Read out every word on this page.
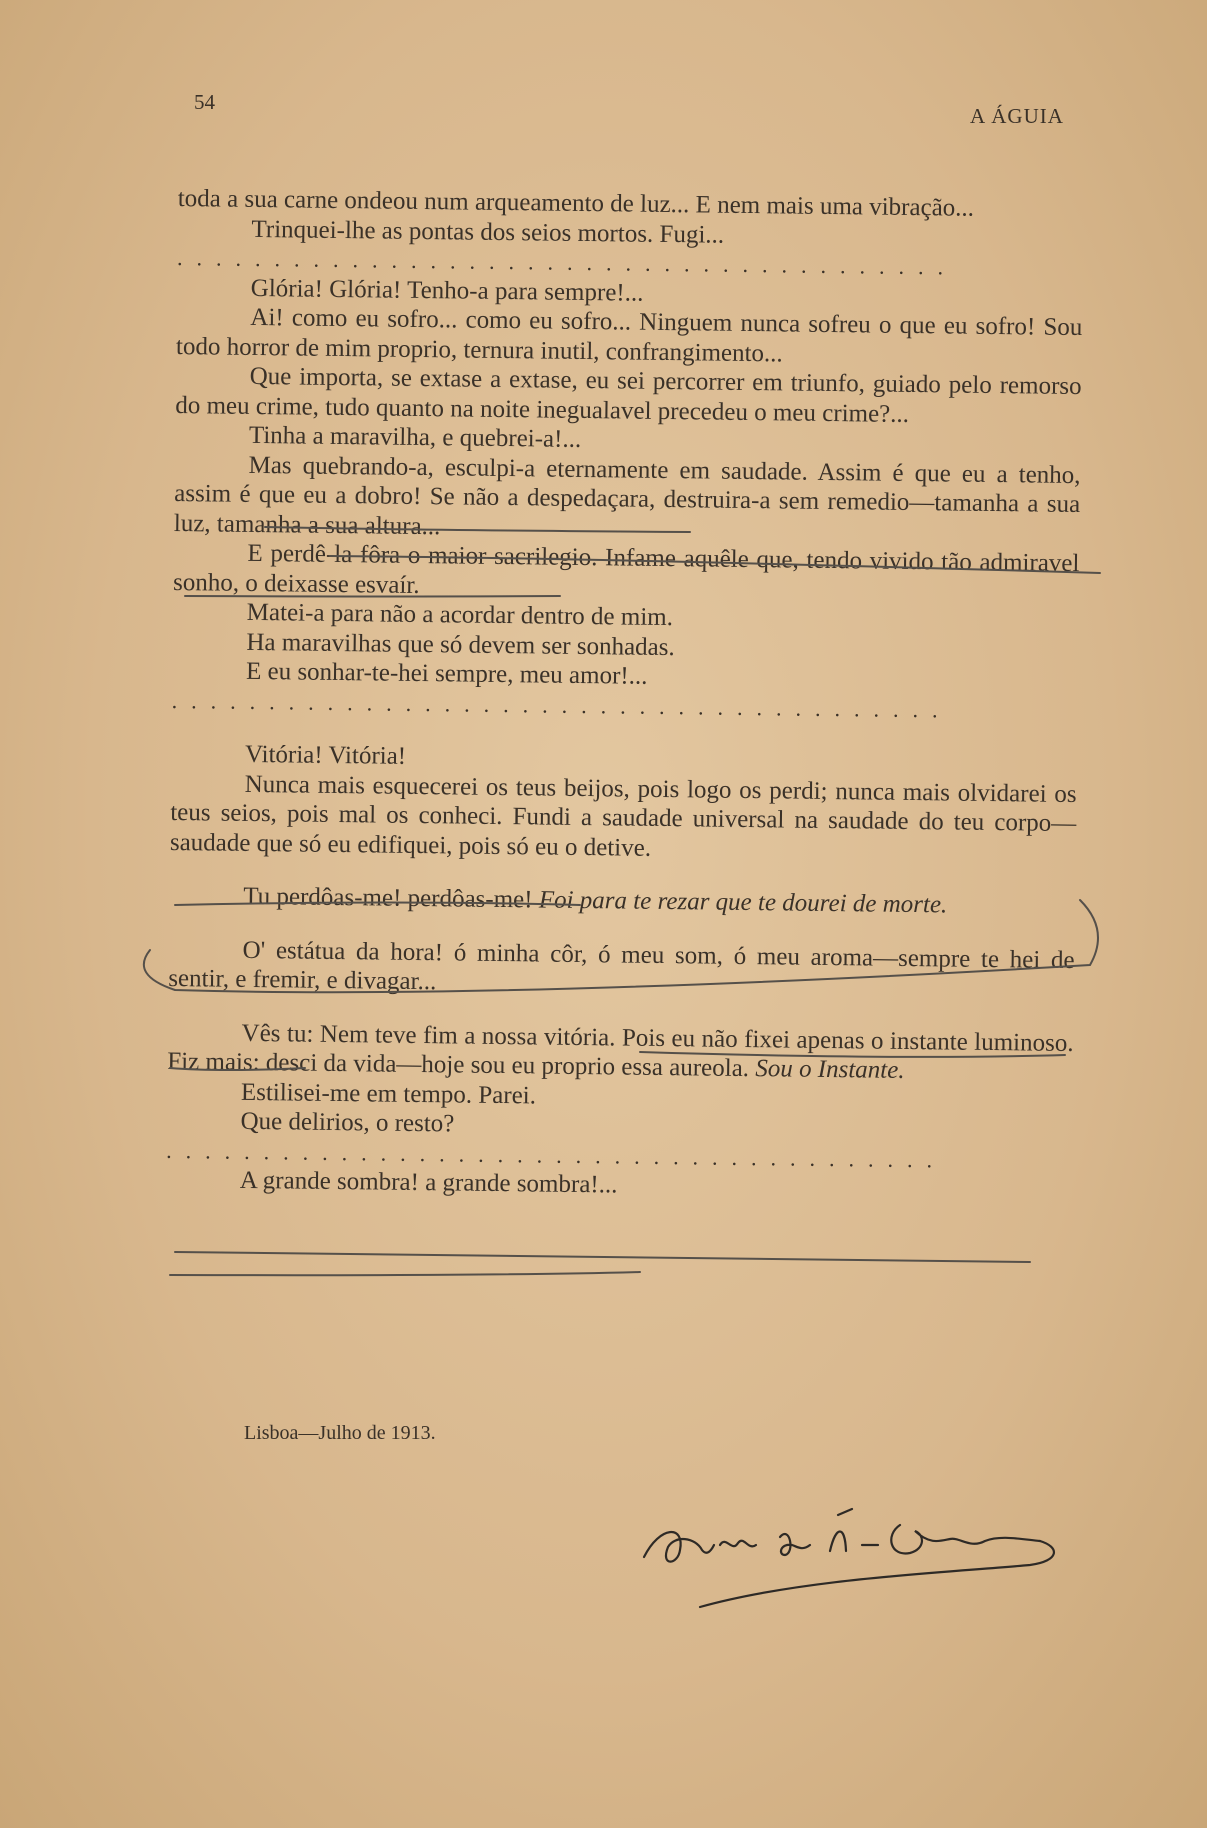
54
A ÁGUIA

toda a sua carne ondeou num arqueamento de luz... E nem mais uma vibração...

Trinquei-lhe as pontas dos seios mortos. Fugi...

........................................

Glória! Glória! Tenho-a para sempre!...

Ai! como eu sofro... como eu sofro... Ninguem nunca sofreu o que eu sofro! Sou todo horror de mim proprio, ternura inutil, confrangimento...

Que importa, se extase a extase, eu sei percorrer em triunfo, guiado pelo remorso do meu crime, tudo quanto na noite inegualavel precedeu o meu crime?...

Tinha a maravilha, e quebrei-a!...

Mas quebrando-a, esculpi-a eternamente em saudade. Assim é que eu a tenho, assim é que eu a dobro! Se não a despedaçara, destruira-a sem remedio—tamanha a sua luz, tamanha a sua altura...

E perdê-la fôra o maior sacrilegio. Infame aquêle que, tendo vivido tão admiravel sonho, o deixasse esvaír.

Matei-a para não a acordar dentro de mim.

Ha maravilhas que só devem ser sonhadas.

E eu sonhar-te-hei sempre, meu amor!...

........................................

Vitória! Vitória!

Nunca mais esquecerei os teus beijos, pois logo os perdi; nunca mais olvidarei os teus seios, pois mal os conheci. Fundi a saudade universal na saudade do teu corpo—saudade que só eu edifiquei, pois só eu o detive.

Tu perdôas-me! perdôas-me! Foi para te rezar que te dourei de morte.

O' estátua da hora! ó minha côr, ó meu som, ó meu aroma—sempre te hei de sentir, e fremir, e divagar...

Vês tu: Nem teve fim a nossa vitória. Pois eu não fixei apenas o instante luminoso. Fiz mais: desci da vida—hoje sou eu proprio essa aureola. Sou o Instante.

Estilisei-me em tempo. Parei.

Que delirios, o resto?

........................................

A grande sombra! a grande sombra!...

Lisboa—Julho de 1913.
